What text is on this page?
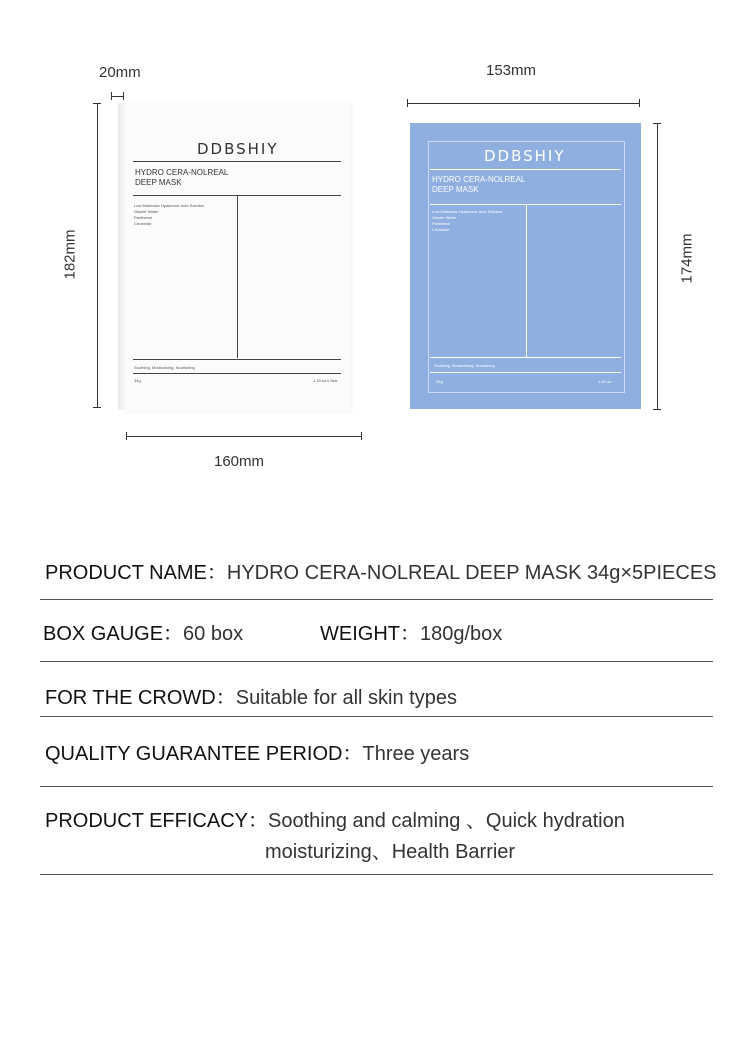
20mm
182mm
160mm
DDBSHIY
HYDRO CERA-NOLREAL
DEEP MASK
Low Molecular Hyaluronic Acid Solution
Glacier Water
Panthenol
Ceramide
Soothing, Moisturizing, Nourishing
34g	1.19 oz.x 5ea
153mm
174mm
DDBSHIY
HYDRO CERA-NOLREAL
DEEP MASK
Low Molecular Hyaluronic Acid Solution
Glacier Water
Panthenol
Ceramide
Soothing, Moisturizing, Nourishing
34g	1.19 oz.
PRODUCT NAME：HYDRO CERA-NOLREAL DEEP MASK 34g×5PIECES
BOX GAUGE：60 box	WEIGHT：180g/box
FOR THE CROWD：Suitable for all skin types
QUALITY GUARANTEE PERIOD：Three years
PRODUCT EFFICACY：Soothing and calming 、Quick hydration
moisturizing、Health Barrier
